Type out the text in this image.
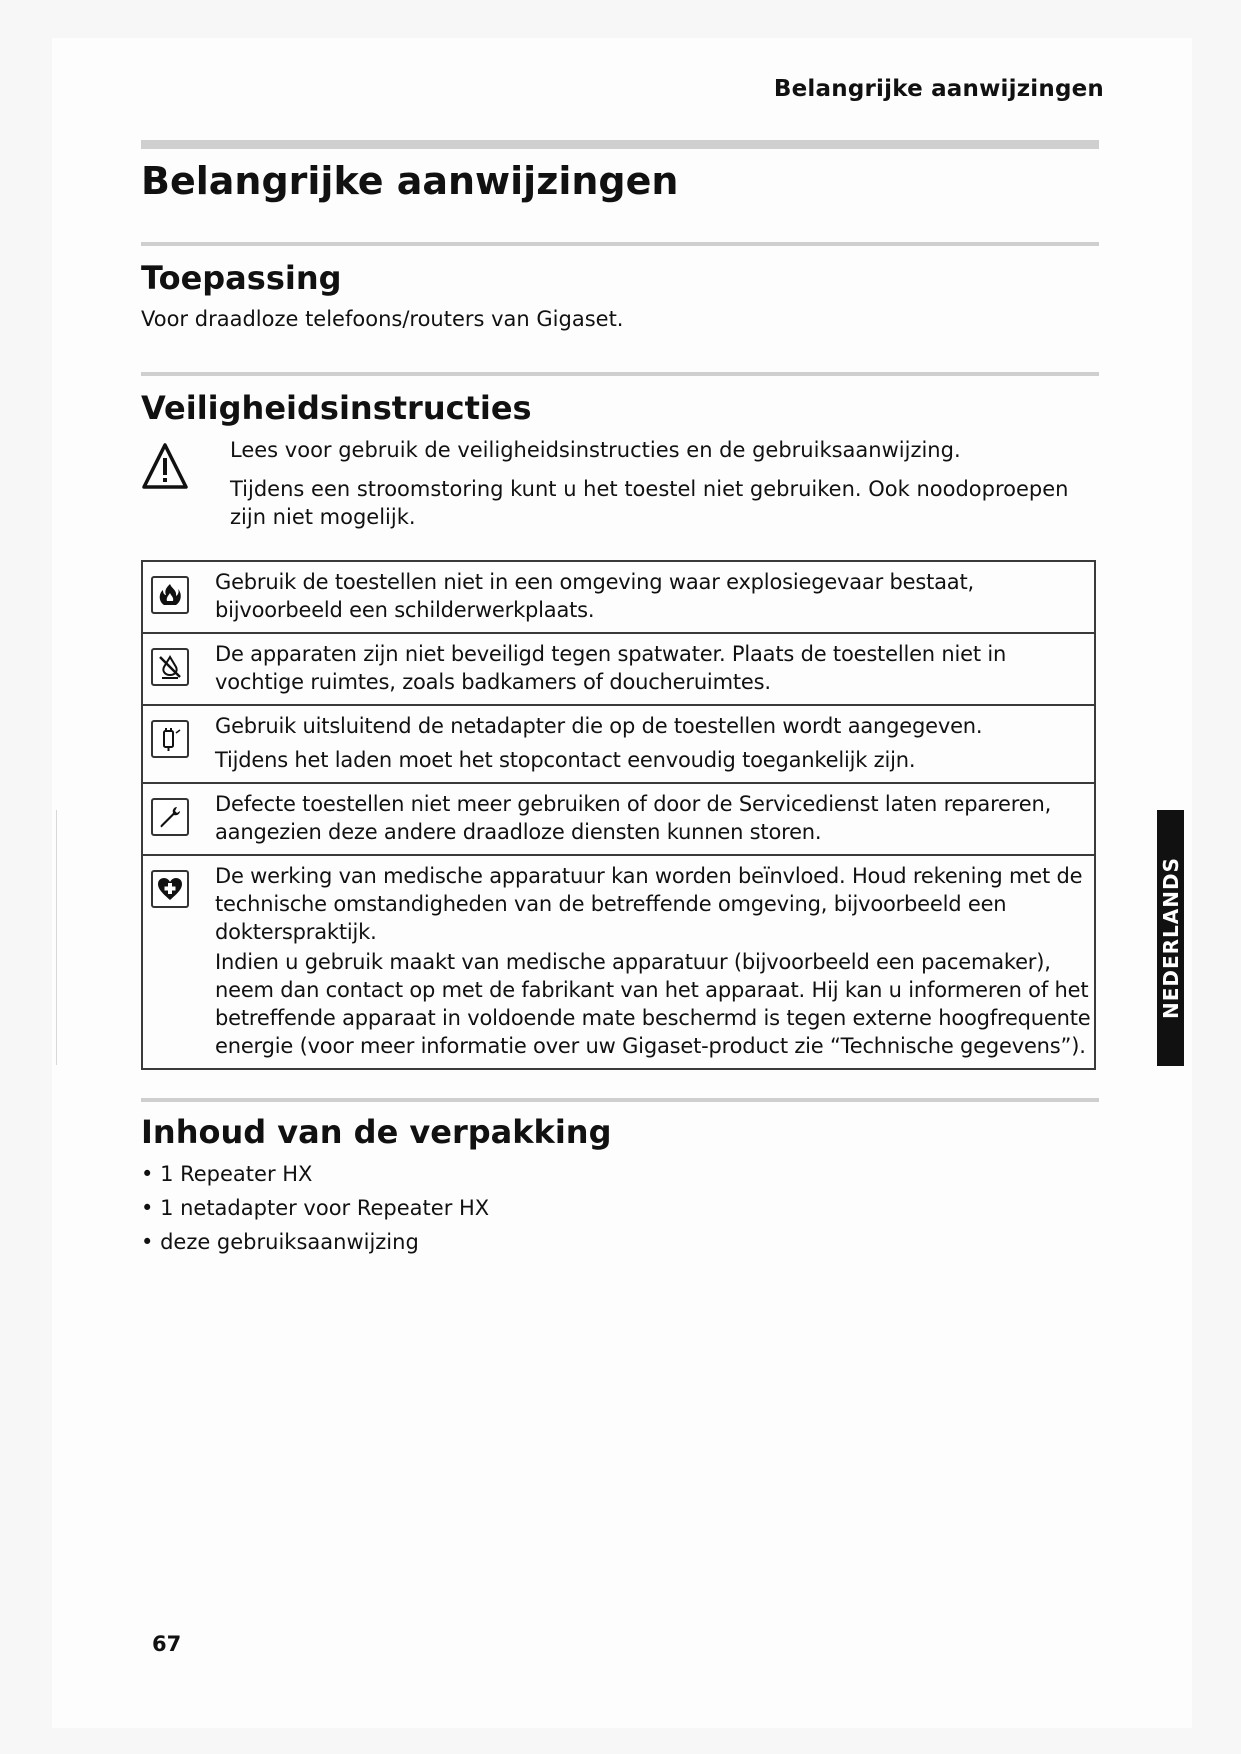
Belangrijke aanwijzingen
Belangrijke aanwijzingen
Toepassing

Voor draadloze telefoons/routers van Gigaset.

Veiligheidsinstructies

Lees voor gebruik de veiligheidsinstructies en de gebruiksaanwijzing.

Tijdens een stroomstoring kunt u het toestel niet gebruiken. Ook noodoproepen zijn niet mogelijk.

Gebruik de toestellen niet in een omgeving waar explosiegevaar bestaat, bijvoorbeeld een schilderwerkplaats.

De apparaten zijn niet beveiligd tegen spatwater. Plaats de toestellen niet in vochtige ruimtes, zoals badkamers of doucheruimtes.

Gebruik uitsluitend de netadapter die op de toestellen wordt aangegeven.

Tijdens het laden moet het stopcontact eenvoudig toegankelijk zijn.

Defecte toestellen niet meer gebruiken of door de Servicedienst laten repareren, aangezien deze andere draadloze diensten kunnen storen.

De werking van medische apparatuur kan worden beïnvloed. Houd rekening met de technische omstandigheden van de betreffende omgeving, bijvoorbeeld een dokterspraktijk.

Indien u gebruik maakt van medische apparatuur (bijvoorbeeld een pacemaker), neem dan contact op met de fabrikant van het apparaat. Hij kan u informeren of het betreffende apparaat in voldoende mate beschermd is tegen externe hoogfrequente energie (voor meer informatie over uw Gigaset-product zie “Technische gegevens”).

Inhoud van de verpakking
• 1 Repeater HX
• 1 netadapter voor Repeater HX
• deze gebruiksaanwijzing
NEDERLANDS
67
